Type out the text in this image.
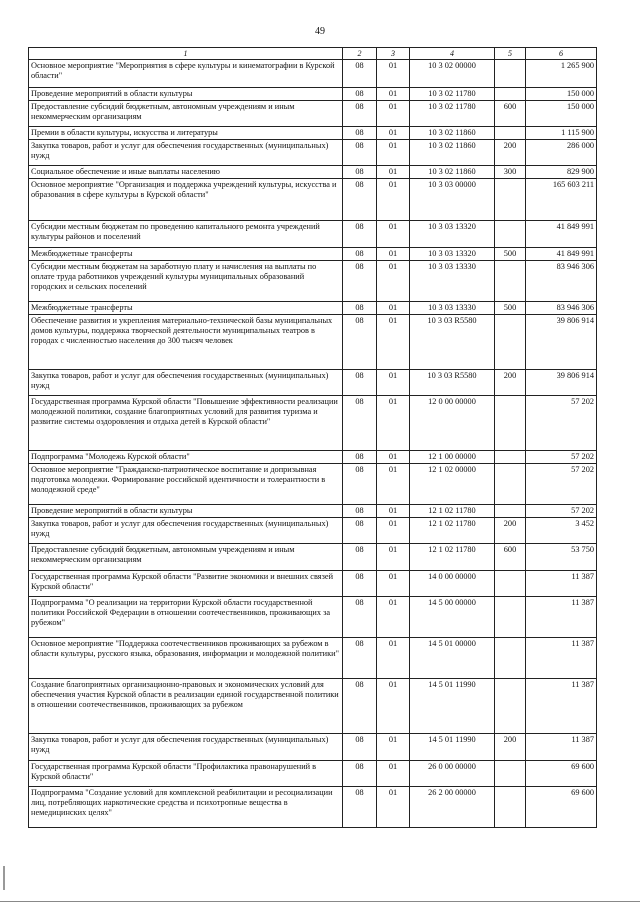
49
1	2	3	4	5	6
Основное мероприятие "Мероприятия в сфере культуры и кинематографии в Курской области"	08	01	10 3 02 00000		1 265 900
Проведение мероприятий в области культуры	08	01	10 3 02 11780		150 000
Предоставление субсидий бюджетным, автономным учреждениям и иным некоммерческим организациям	08	01	10 3 02 11780	600	150 000
Премии в области культуры, искусства и литературы	08	01	10 3 02 11860		1 115 900
Закупка товаров, работ и услуг для обеспечения государственных (муниципальных) нужд	08	01	10 3 02 11860	200	286 000
Социальное обеспечение и иные выплаты населению	08	01	10 3 02 11860	300	829 900
Основное мероприятие "Организация и поддержка учреждений культуры, искусства и образования в сфере культуры в Курской области"	08	01	10 3 03 00000		165 603 211
Субсидии местным бюджетам по проведению капитального ремонта учреждений культуры районов и поселений	08	01	10 3 03 13320		41 849 991
Межбюджетные трансферты	08	01	10 3 03 13320	500	41 849 991
Субсидии местным бюджетам на заработную плату и начисления на выплаты по оплате труда работников учреждений культуры муниципальных образований городских и сельских поселений	08	01	10 3 03 13330		83 946 306
Межбюджетные трансферты	08	01	10 3 03 13330	500	83 946 306
Обеспечение развития и укрепления материально-технической базы муниципальных домов культуры, поддержка творческой деятельности муниципальных театров в городах с численностью населения до 300 тысяч человек	08	01	10 3 03 R5580		39 806 914
Закупка товаров, работ и услуг для обеспечения государственных (муниципальных) нужд	08	01	10 3 03 R5580	200	39 806 914
Государственная программа Курской области "Повышение эффективности реализации молодежной политики, создание благоприятных условий для развития туризма и развитие системы оздоровления и отдыха детей в Курской области"	08	01	12 0 00 00000		57 202
Подпрограмма "Молодежь Курской области"	08	01	12 1 00 00000		57 202
Основное мероприятие "Гражданско-патриотическое воспитание и допризывная подготовка молодежи. Формирование российской идентичности и толерантности в молодежной среде"	08	01	12 1 02 00000		57 202
Проведение мероприятий в области культуры	08	01	12 1 02 11780		57 202
Закупка товаров, работ и услуг для обеспечения государственных (муниципальных) нужд	08	01	12 1 02 11780	200	3 452
Предоставление субсидий бюджетным, автономным учреждениям и иным некоммерческим организациям	08	01	12 1 02 11780	600	53 750
Государственная программа Курской области "Развитие экономики и внешних связей Курской области"	08	01	14 0 00 00000		11 387
Подпрограмма "О реализации на территории Курской области государственной политики Российской Федерации в отношении соотечественников, проживающих за рубежом"	08	01	14 5 00 00000		11 387
Основное мероприятие "Поддержка соотечественников проживающих за рубежом в области культуры, русского языка, образования, информации и молодежной политики"	08	01	14 5 01 00000		11 387
Создание благоприятных организационно-правовых и экономических условий для обеспечения участия Курской области в реализации единой государственной политики в отношении соотечественников, проживающих за рубежом	08	01	14 5 01 11990		11 387
Закупка товаров, работ и услуг для обеспечения государственных (муниципальных) нужд	08	01	14 5 01 11990	200	11 387
Государственная программа Курской области "Профилактика правонарушений в Курской области"	08	01	26 0 00 00000		69 600
Подпрограмма "Создание условий для комплексной реабилитации и ресоциализации лиц, потребляющих наркотические средства и психотропные вещества в немедицинских целях"	08	01	26 2 00 00000		69 600
